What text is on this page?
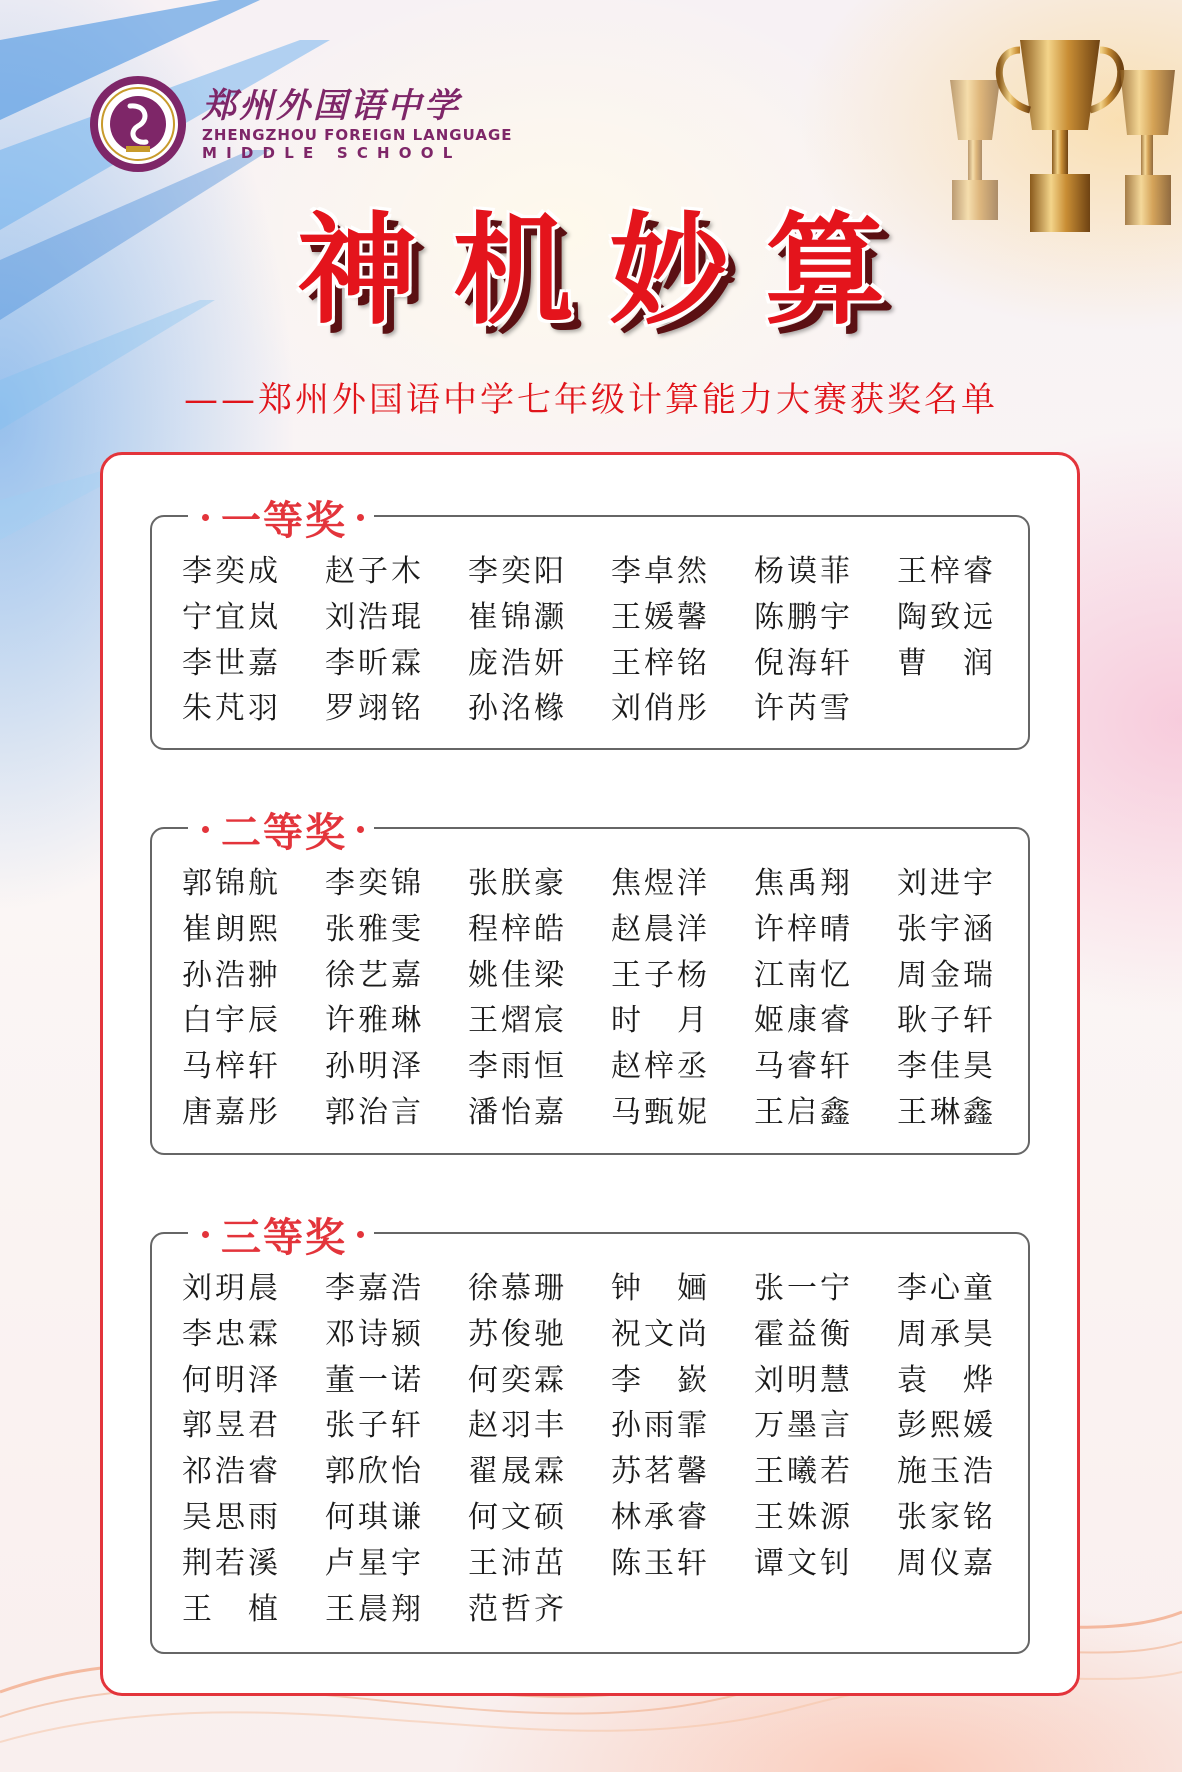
郑州外国语中学
ZHENGZHOU FOREIGN LANGUAGE
MIDDLE SCHOOL
神机妙算
——郑州外国语中学七年级计算能力大赛获奖名单
一等奖
李奕成	赵子木	李奕阳	李卓然	杨谟菲	王梓睿
宁宜岚	刘浩琨	崔锦灏	王媛馨	陈鹏宇	陶致远
李世嘉	李昕霖	庞浩妍	王梓铭	倪海轩	曹　润
朱芃羽	罗翊铭	孙洺橼	刘俏彤	许芮雪
二等奖
郭锦航	李奕锦	张朕豪	焦煜洋	焦禹翔	刘进宇
崔朗熙	张雅雯	程梓皓	赵晨洋	许梓晴	张宇涵
孙浩翀	徐艺嘉	姚佳梁	王子杨	江南忆	周金瑞
白宇辰	许雅琳	王熠宸	时　月	姬康睿	耿子轩
马梓轩	孙明泽	李雨恒	赵梓丞	马睿轩	李佳昊
唐嘉彤	郭治言	潘怡嘉	马甄妮	王启鑫	王琳鑫
三等奖
刘玥晨	李嘉浩	徐慕珊	钟　婳	张一宁	李心童
李忠霖	邓诗颍	苏俊驰	祝文尚	霍益衡	周承昊
何明泽	董一诺	何奕霖	李　嶔	刘明慧	袁　烨
郭昱君	张子轩	赵羽丰	孙雨霏	万墨言	彭熙媛
祁浩睿	郭欣怡	翟晟霖	苏茗馨	王曦若	施玉浩
吴思雨	何琪谦	何文硕	林承睿	王姝源	张家铭
荆若溪	卢星宇	王沛茁	陈玉轩	谭文钊	周仪嘉
王　植	王晨翔	范哲齐
